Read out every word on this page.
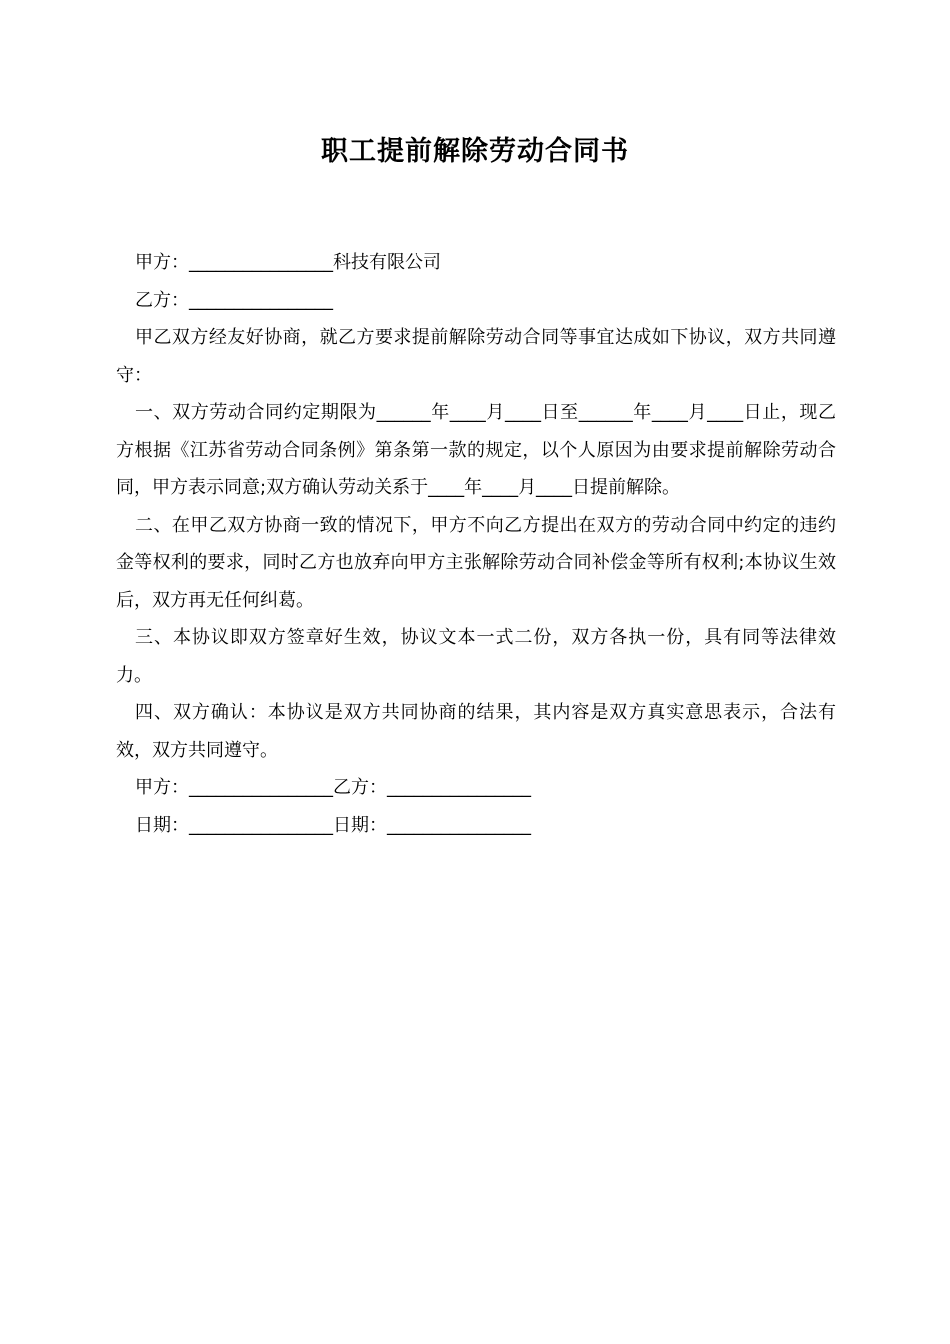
职工提前解除劳动合同书

甲方：________________科技有限公司

乙方：________________

甲乙双方经友好协商，就乙方要求提前解除劳动合同等事宜达成如下协议，双方共同遵守：

一、双方劳动合同约定期限为______年____月____日至______年____月____日止，现乙方根据《江苏省劳动合同条例》第条第一款的规定，以个人原因为由要求提前解除劳动合同，甲方表示同意;双方确认劳动关系于____年____月____日提前解除。

二、在甲乙双方协商一致的情况下，甲方不向乙方提出在双方的劳动合同中约定的违约金等权利的要求，同时乙方也放弃向甲方主张解除劳动合同补偿金等所有权利;本协议生效后，双方再无任何纠葛。

三、本协议即双方签章好生效，协议文本一式二份，双方各执一份，具有同等法律效力。

四、双方确认：本协议是双方共同协商的结果，其内容是双方真实意思表示，合法有效，双方共同遵守。

甲方：________________乙方：________________

日期：________________日期：________________
